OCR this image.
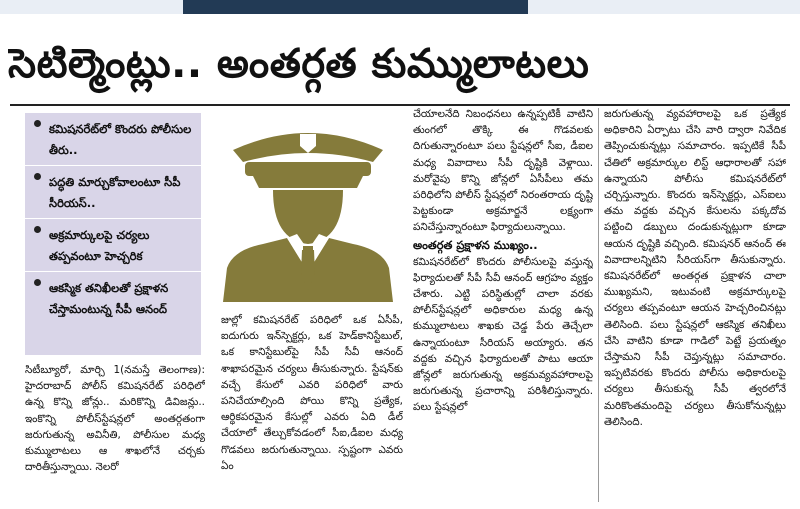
సెటిల్మెంట్లు.. అంతర్గత కుమ్ములాటలు
కమిషనరేట్‌లో కొందరు పోలీసుల తీరు..
పద్ధతి మార్చుకోవాలంటూ సీపీ సీరియస్..
అక్రమార్కులపై చర్యలు తప్పవంటూ హెచ్చరిక
ఆకస్మిక తనిఖీలతో ప్రక్షాళన చేస్తామంటున్న సీపీ ఆనంద్

సిటీబ్యూరో, మార్చి 1(నమస్తే తెలంగాణ): హైదరాబాద్ పోలీస్ కమిషనరేట్ పరిధిలో ఉన్న కొన్ని జోన్లు.. మరికొన్ని డివిజన్లు.. ఇంకొన్ని పోలీస్‌స్టేషన్లలో అంతర్గతంగా జరుగుతున్న అవినీతి, పోలీసుల మధ్య కుమ్ములాటలు ఆ శాఖలోనే చర్చకు దారితీస్తున్నాయి. నెలరో

జుల్లో కమిషనరేట్ పరిధిలో ఒక ఏసీపీ, ఐదుగురు ఇన్‌స్పెక్టర్లు, ఒక హెడ్‌కానిస్టేబుల్, ఒక కానిస్టేబుల్‌పై సీపీ సీవీ ఆనంద్ శాఖాపరమైన చర్యలు తీసుకున్నారు. స్టేషన్‌కు వచ్చే కేసులో ఎవరి పరిధిలో వారు పనిచేయాల్సింది పోయి కొన్ని ప్రత్యేక, ఆర్థికపరమైన కేసుల్లో ఎవరు ఏది డీల్ చేయాలో తేల్చుకోవడంలో సీఐ,డీఐల మధ్య గొడవలు జరుగుతున్నాయి. స్పష్టంగా ఎవరు ఏం

చేయాలనేది నిబంధనలు ఉన్నప్పటికీ వాటిని తుంగలో తొక్కి ఈ గొడవలకు దిగుతున్నారంటూ పలు స్టేషన్లలో సీఐ, డీఐల మధ్య వివాదాలు సీపీ దృష్టికి వెళ్లాయి. మరోవైపు కొన్ని జోన్లలో ఏసీపీలు తమ పరిధిలోని పోలీస్ స్టేషన్లలో నిరంతరాయ దృష్టి పెట్టకుండా అక్రమార్జనే లక్ష్యంగా పనిచేస్తున్నారంటూ ఫిర్యాదులున్నాయి.

అంతర్గత ప్రక్షాళన ముఖ్యం..

కమిషనరేట్‌లో కొందరు పోలీసులపై వస్తున్న ఫిర్యాదులతో సీపీ సీవీ ఆనంద్ ఆగ్రహం వ్యక్తం చేశారు. ఎట్టి పరిస్థితుల్లో చాలా వరకు పోలీస్‌స్టేషన్లలో అధికారుల మధ్య ఉన్న కుమ్ములాటలు శాఖకు చెడ్డ పేరు తెచ్చేలా ఉన్నాయంటూ సీరియస్ అయ్యారు. తన వద్దకు వచ్చిన ఫిర్యాదులతో పాటు ఆయా జోన్లలో జరుగుతున్న అక్రమవ్యవహారాలపై జరుగుతున్న ప్రచారాన్ని పరిశీలిస్తున్నారు. పలు స్టేషన్లలో

జరుగుతున్న వ్యవహారాలపై ఒక ప్రత్యేక అధికారిని ఏర్పాటు చేసి వారి ద్వారా నివేదిక తెప్పించుకున్నట్లు సమాచారం. ఇప్పటికే సీపీ చేతిలో అక్రమార్కుల లిస్ట్ ఆధారాలతో సహా ఉన్నాయని పోలీసు కమిషనరేట్‌లో చర్చిస్తున్నారు. కొందరు ఇన్‌స్పెక్టర్లు, ఎస్‌ఐలు తమ వద్దకు వచ్చిన కేసులను పక్కదోవ పట్టించి డబ్బులు దండుకున్నట్లుగా కూడా ఆయన దృష్టికి వచ్చింది. కమిషనర్ ఆనంద్ ఈ వివాదాలన్నిటిని సీరియస్‌గా తీసుకున్నారు. కమిషనరేట్‌లో అంతర్గత ప్రక్షాళన చాలా ముఖ్యమని, ఇటువంటి అక్రమార్కులపై చర్యలు తప్పవంటూ ఆయన హెచ్చరించినట్లు తెలిసింది. పలు స్టేషన్లలో ఆకస్మిక తనిఖీలు చేసి వాటిని కూడా గాడిలో పెట్టే ప్రయత్నం చేస్తామని సీపీ చెప్తున్నట్లు సమాచారం. ఇప్పటివరకు కొందరు పోలీసు అధికారులపై చర్యలు తీసుకున్న సీపీ త్వరలోనే మరికొంతమందిపై చర్యలు తీసుకోనున్నట్లు తెలిసింది.
